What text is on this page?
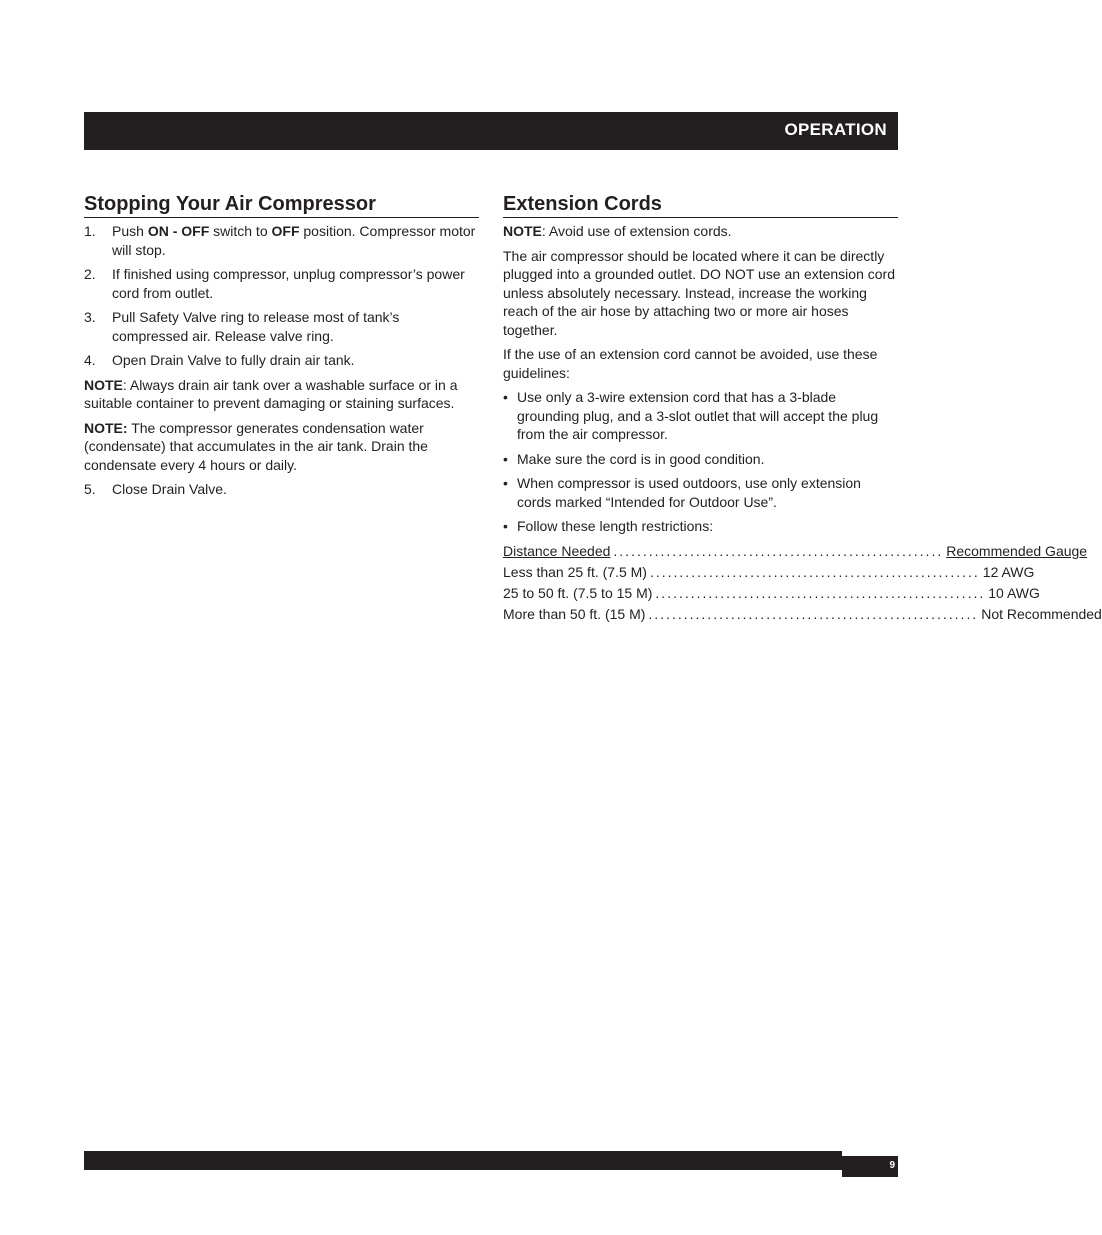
OPERATION
Stopping Your Air Compressor
1. Push ON - OFF switch to OFF position. Compressor motor will stop.
2. If finished using compressor, unplug compressor’s power cord from outlet.
3. Pull Safety Valve ring to release most of tank’s compressed air. Release valve ring.
4. Open Drain Valve to fully drain air tank.

NOTE: Always drain air tank over a washable surface or in a suitable container to prevent damaging or staining surfaces.

NOTE: The compressor generates condensation water (condensate) that accumulates in the air tank. Drain the condensate every 4 hours or daily.

5. Close Drain Valve.
Extension Cords

NOTE: Avoid use of extension cords.

The air compressor should be located where it can be directly plugged into a grounded outlet. DO NOT use an extension cord unless absolutely necessary. Instead, increase the working reach of the air hose by attaching two or more air hoses together.

If the use of an extension cord cannot be avoided, use these guidelines:

• Use only a 3-wire extension cord that has a 3-blade grounding plug, and a 3-slot outlet that will accept the plug from the air compressor.
• Make sure the cord is in good condition.
• When compressor is used outdoors, use only extension cords marked “Intended for Outdoor Use”.
• Follow these length restrictions:
Distance Needed ........................................................ Recommended Gauge
Less than 25 ft. (7.5 M) ........................................................ 12 AWG
25 to 50 ft. (7.5 to 15 M) ........................................................ 10 AWG
More than 50 ft. (15 M) ........................................................ Not Recommended
9
